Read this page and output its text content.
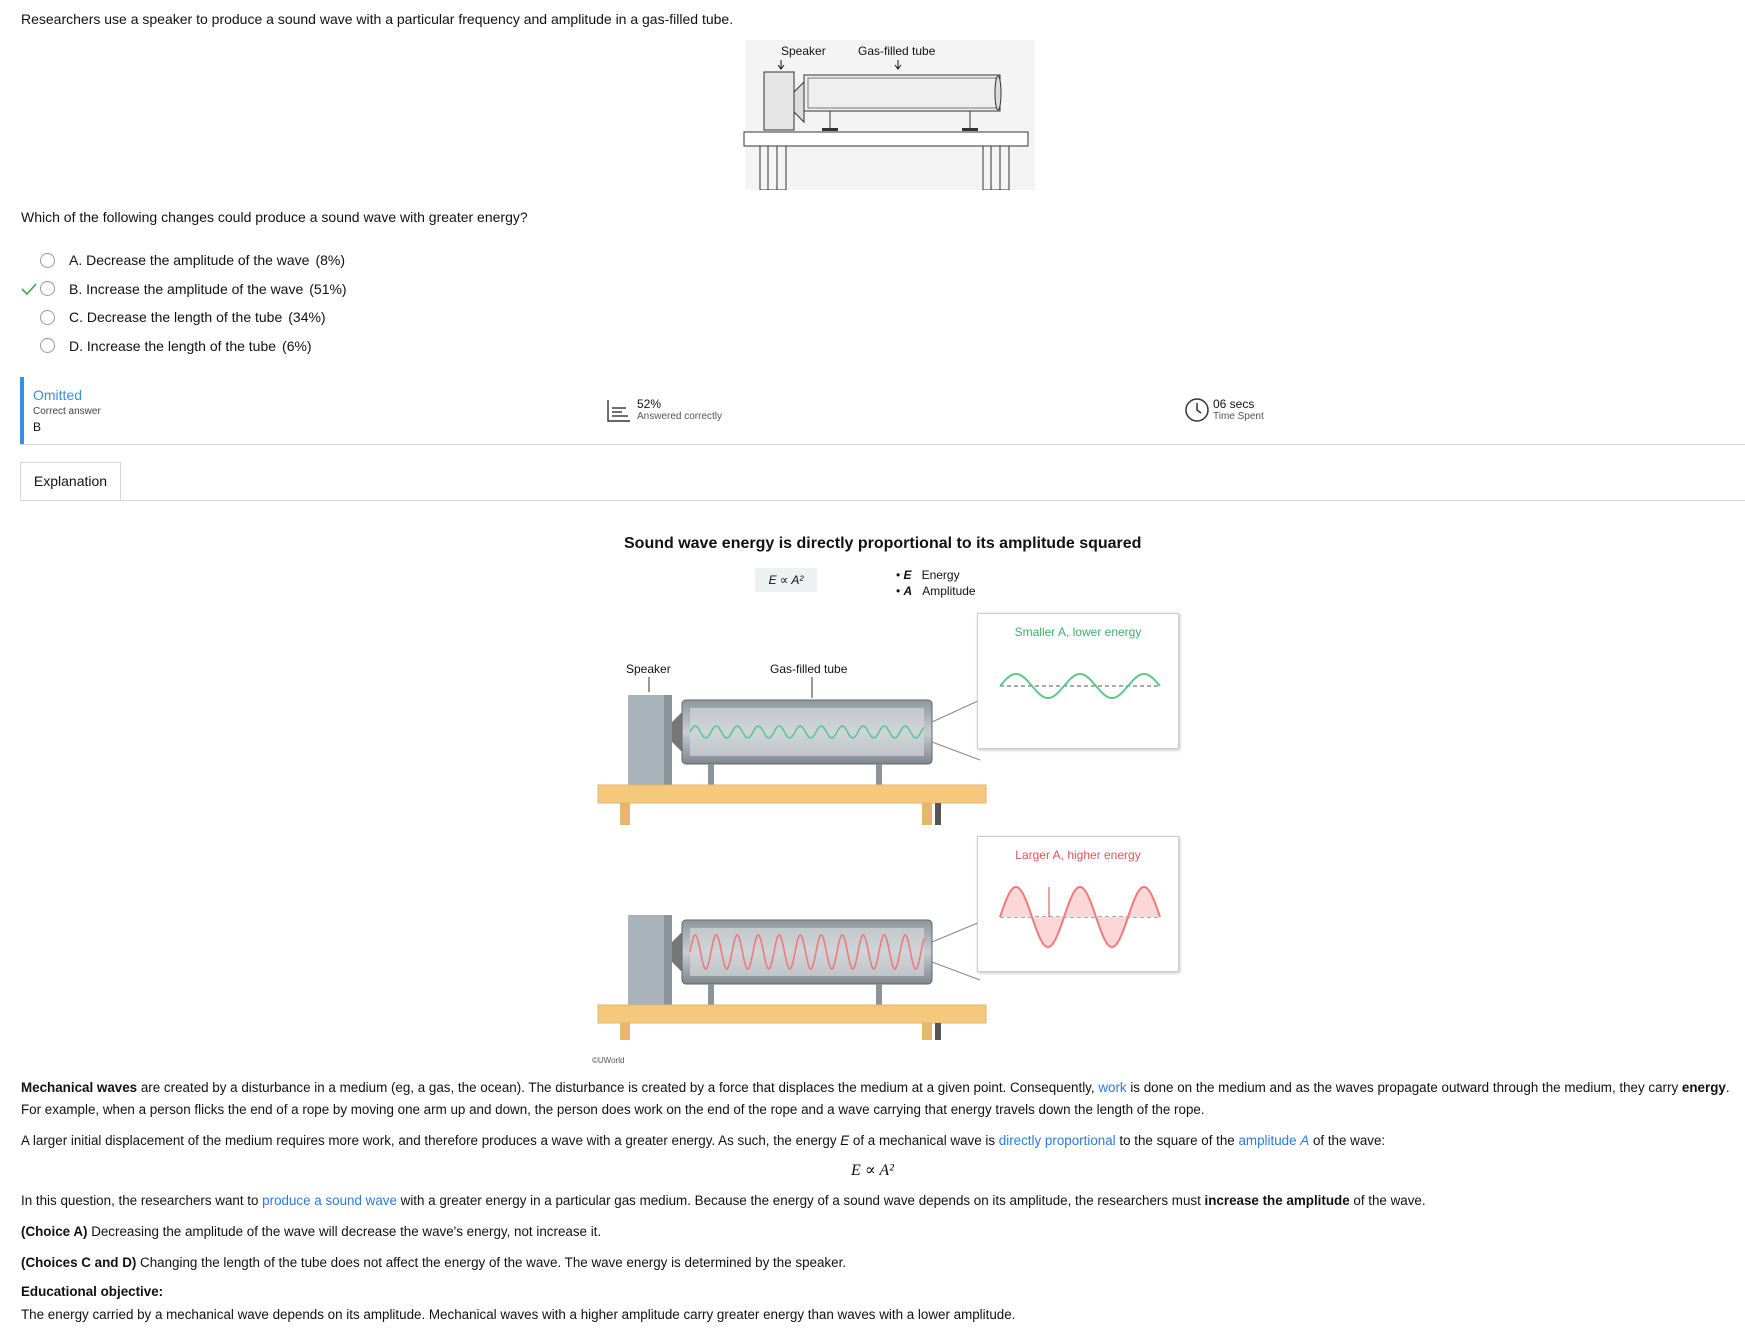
Researchers use a speaker to produce a sound wave with a particular frequency and amplitude in a gas-filled tube.
Speaker	Gas-filled tube
Which of the following changes could produce a sound wave with greater energy?
A. Decrease the amplitude of the wave (8%)
B. Increase the amplitude of the wave (51%)
C. Decrease the length of the tube (34%)
D. Increase the length of the tube (6%)
Omitted
Correct answer
B
52%
Answered correctly
06 secs
Time Spent
Explanation
Sound wave energy is directly proportional to its amplitude squared
E ∝ A²	• E Energy
• A Amplitude
Speaker	Gas-filled tube
Smaller A, lower energy
Larger A, higher energy
©UWorld
Mechanical waves are created by a disturbance in a medium (eg, a gas, the ocean). The disturbance is created by a force that displaces the medium at a given point. Consequently, work is done on the medium and as the waves propagate outward through the medium, they carry energy. For example, when a person flicks the end of a rope by moving one arm up and down, the person does work on the end of the rope and a wave carrying that energy travels down the length of the rope.
A larger initial displacement of the medium requires more work, and therefore produces a wave with a greater energy. As such, the energy E of a mechanical wave is directly proportional to the square of the amplitude A of the wave:
E ∝ A²
In this question, the researchers want to produce a sound wave with a greater energy in a particular gas medium. Because the energy of a sound wave depends on its amplitude, the researchers must increase the amplitude of the wave.
(Choice A) Decreasing the amplitude of the wave will decrease the wave's energy, not increase it.
(Choices C and D) Changing the length of the tube does not affect the energy of the wave. The wave energy is determined by the speaker.
Educational objective:
The energy carried by a mechanical wave depends on its amplitude. Mechanical waves with a higher amplitude carry greater energy than waves with a lower amplitude.
